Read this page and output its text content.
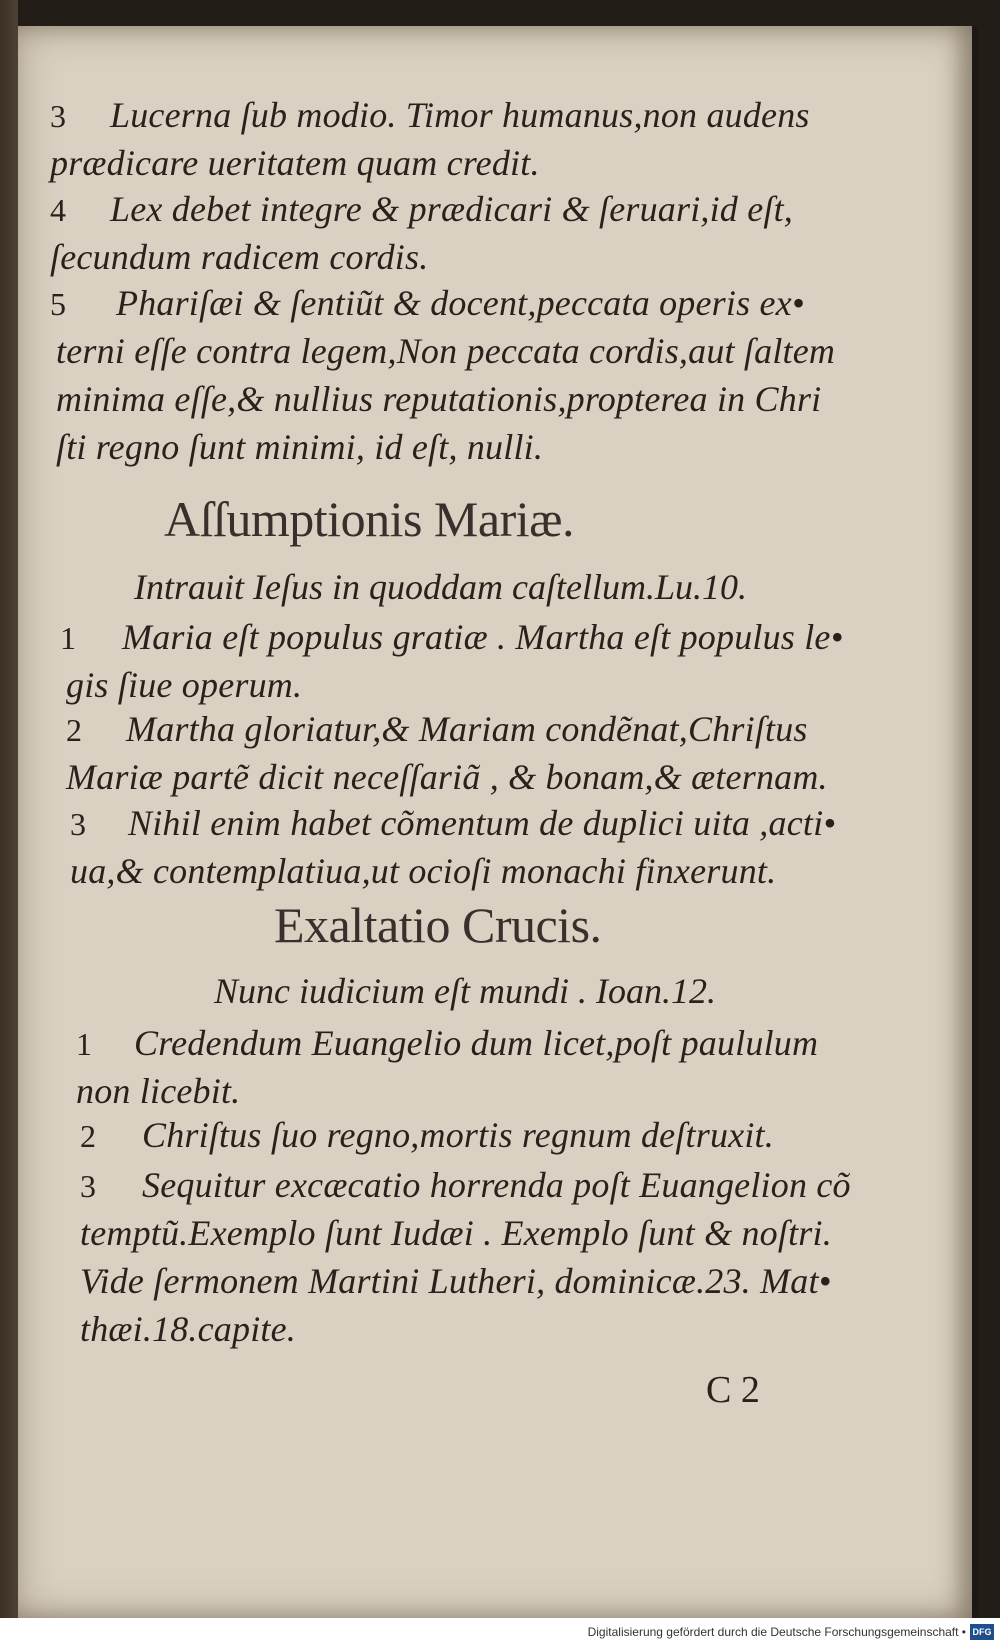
3 Lucerna ſub modio. Timor humanus,non audens

prædicare ueritatem quam credit.

4 Lex debet integre & prædicari & ſeruari,id eſt,

ſecundum radicem cordis.

5 Phariſæi & ſentiũt & docent,peccata operis ex•

terni eſſe contra legem,Non peccata cordis,aut ſaltem

minima eſſe,& nullius reputationis,propterea in Chri

ſti regno ſunt minimi, id eſt, nulli.

Aſſumptionis Mariæ.

Intrauit Ieſus in quoddam caſtellum.Lu.10.

1 Maria eſt populus gratiæ . Martha eſt populus le•

gis ſiue operum.

2 Martha gloriatur,& Mariam condẽnat,Chriſtus

Mariæ partẽ dicit neceſſariã , & bonam,& æternam.

3 Nihil enim habet cõmentum de duplici uita ,acti•

ua,& contemplatiua,ut ocioſi monachi finxerunt.

Exaltatio Crucis.

Nunc iudicium eſt mundi . Ioan.12.

1 Credendum Euangelio dum licet,poſt paululum

non licebit.

2 Chriſtus ſuo regno,mortis regnum deſtruxit.

3 Sequitur excæcatio horrenda poſt Euangelion cõ

temptũ.Exemplo ſunt Iudæi . Exemplo ſunt & noſtri.

Vide ſermonem Martini Lutheri, dominicæ.23. Mat•

thæi.18.capite.

C 2

Digitalisierung gefördert durch die Deutsche Forschungsgemeinschaft • DFG
